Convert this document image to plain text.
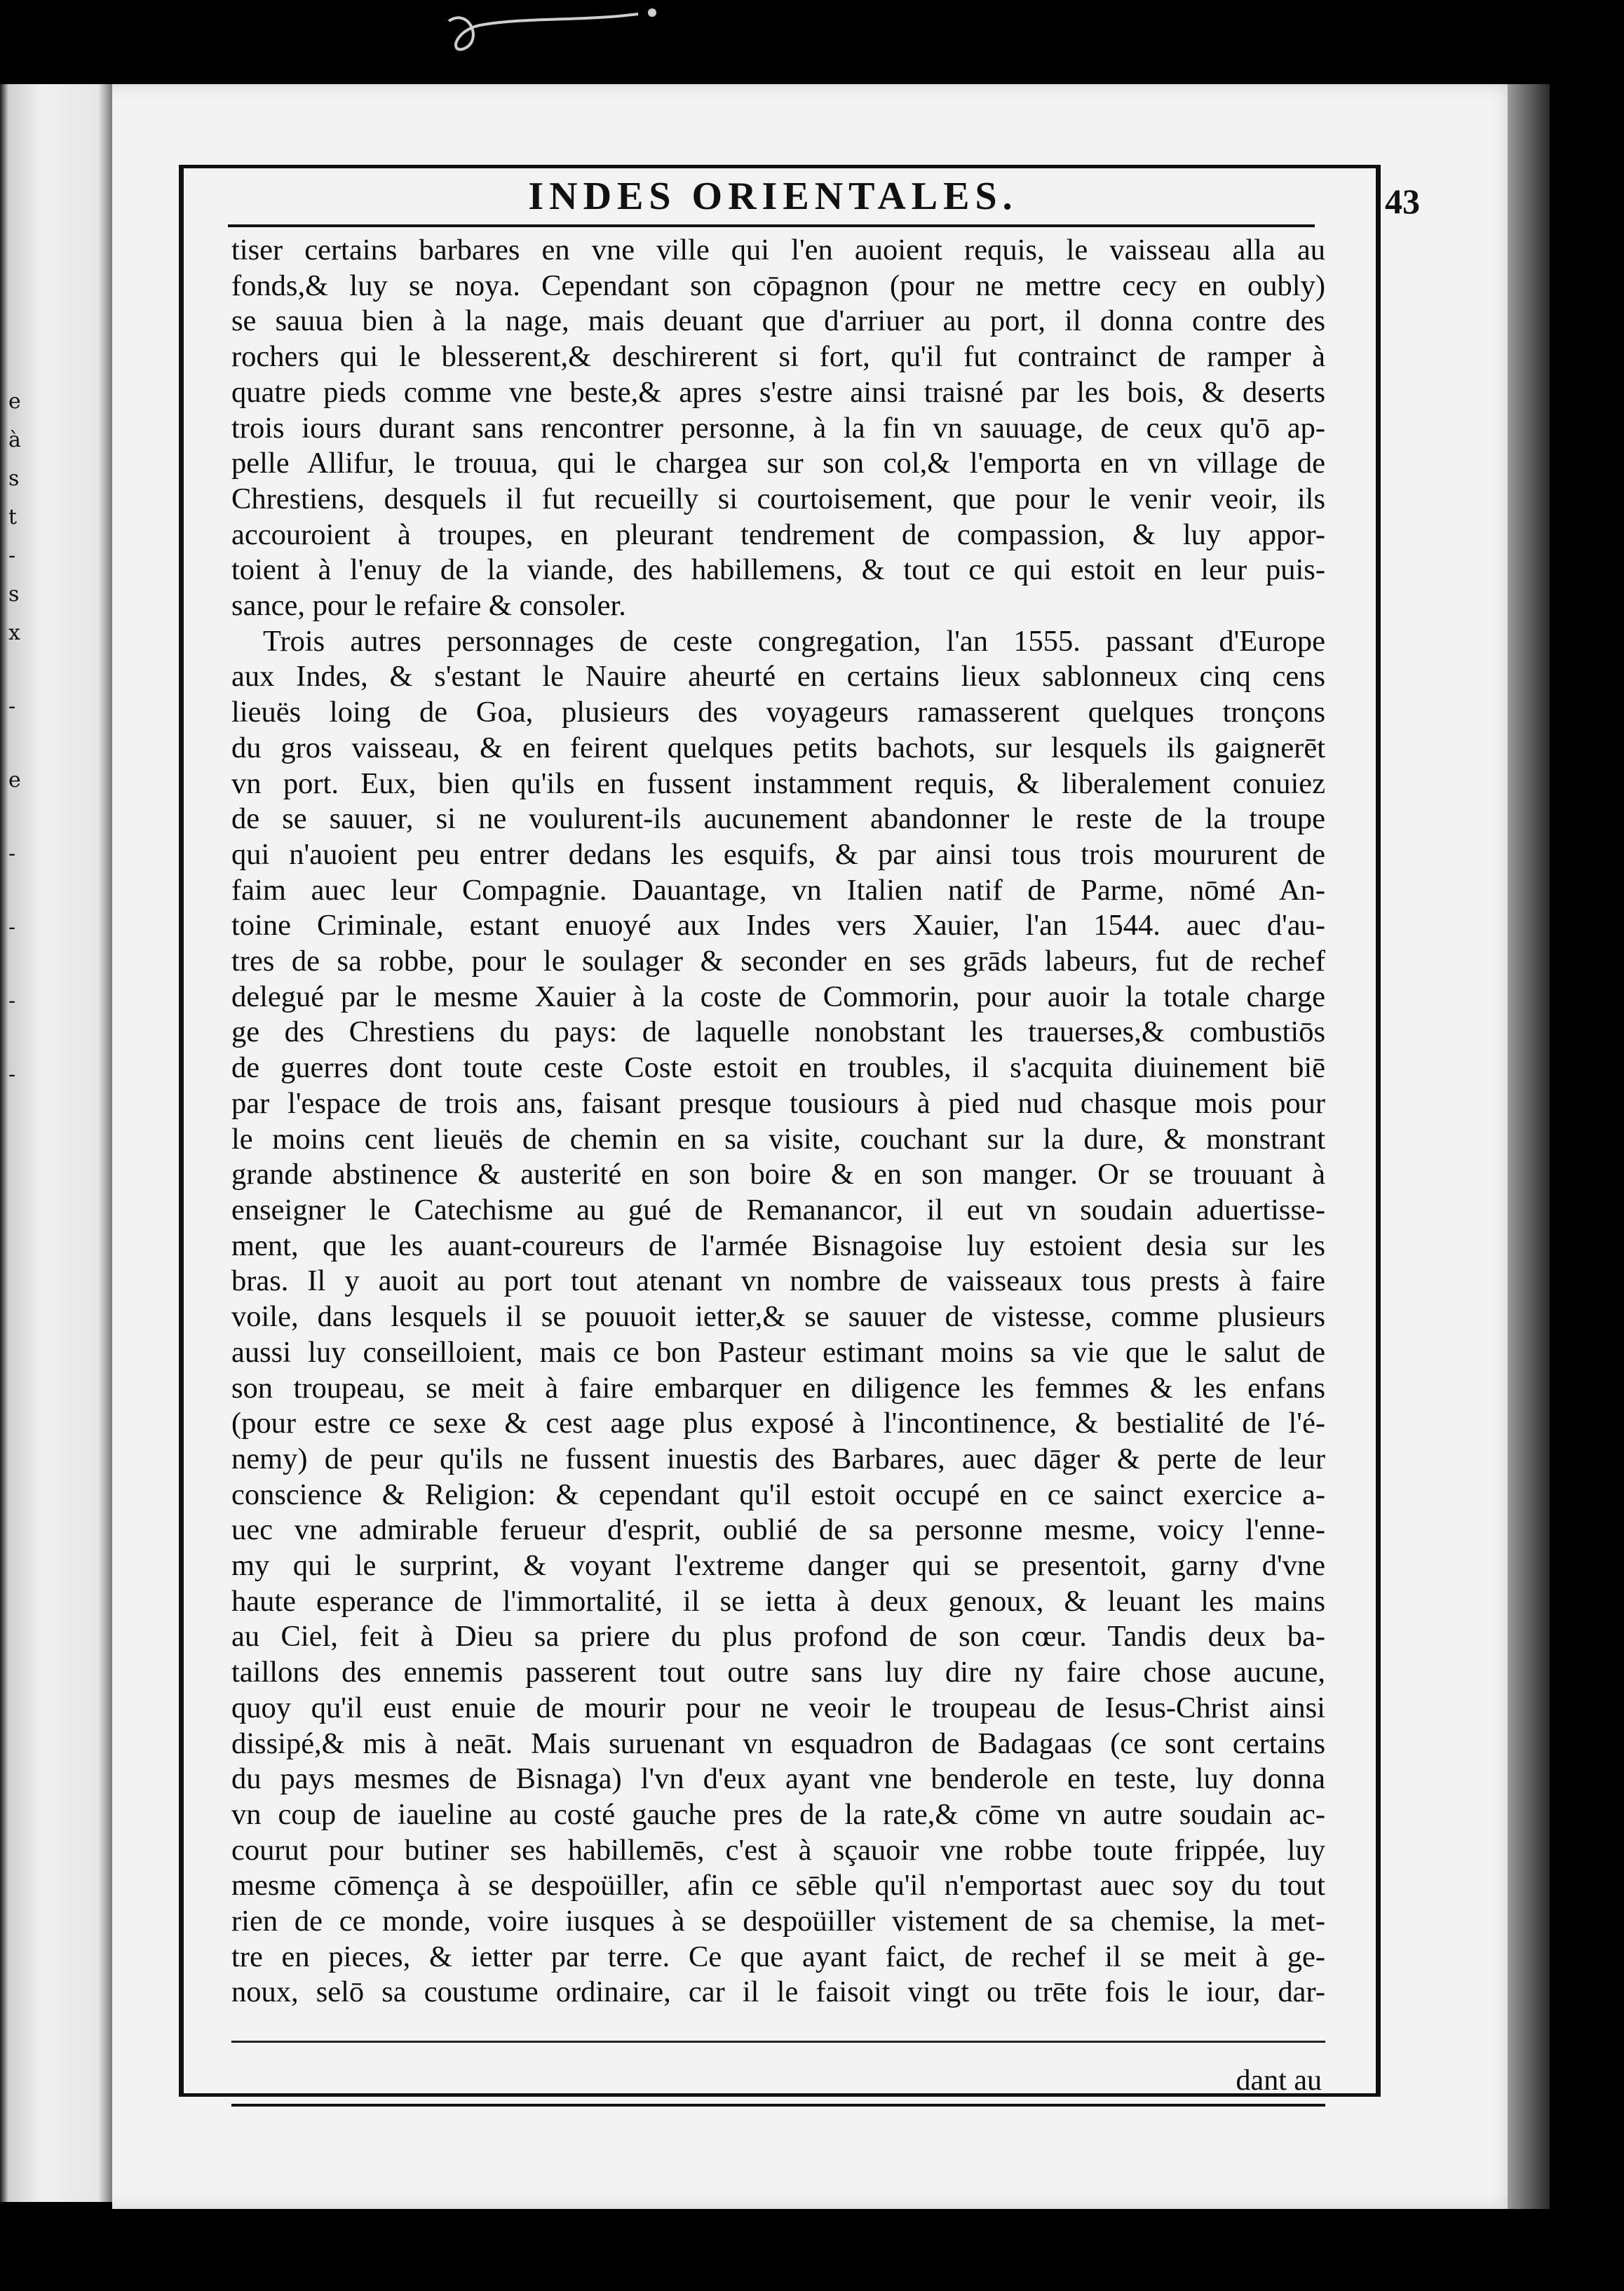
e
à
s
t
-
s
x
-
e
-
-
-
-
INDES ORIENTALES.	43
tiser certains barbares en vne ville qui l'en auoient requis, le vaisseau alla au
fonds,& luy se noya. Cependant son cōpagnon (pour ne mettre cecy en oubly)
se sauua bien à la nage, mais deuant que d'arriuer au port, il donna contre des
rochers qui le blesserent,& deschirerent si fort, qu'il fut contrainct de ramper à
quatre pieds comme vne beste,& apres s'estre ainsi traisné par les bois, & deserts
trois iours durant sans rencontrer personne, à la fin vn sauuage, de ceux qu'ō ap-
pelle Allifur, le trouua, qui le chargea sur son col,& l'emporta en vn village de
Chrestiens, desquels il fut recueilly si courtoisement, que pour le venir veoir, ils
accouroient à troupes, en pleurant tendrement de compassion, & luy appor-
toient à l'enuy de la viande, des habillemens, & tout ce qui estoit en leur puis-
sance, pour le refaire & consoler.
Trois autres personnages de ceste congregation, l'an 1555. passant d'Europe
aux Indes, & s'estant le Nauire aheurté en certains lieux sablonneux cinq cens
lieuës loing de Goa, plusieurs des voyageurs ramasserent quelques tronçons
du gros vaisseau, & en feirent quelques petits bachots, sur lesquels ils gaignerēt
vn port. Eux, bien qu'ils en fussent instamment requis, & liberalement conuiez
de se sauuer, si ne voulurent-ils aucunement abandonner le reste de la troupe
qui n'auoient peu entrer dedans les esquifs, & par ainsi tous trois moururent de
faim auec leur Compagnie. Dauantage, vn Italien natif de Parme, nōmé An-
toine Criminale, estant enuoyé aux Indes vers Xauier, l'an 1544. auec d'au-
tres de sa robbe, pour le soulager & seconder en ses grāds labeurs, fut de rechef
delegué par le mesme Xauier à la coste de Commorin, pour auoir la totale charge
ge des Chrestiens du pays: de laquelle nonobstant les trauerses,& combustiōs
de guerres dont toute ceste Coste estoit en troubles, il s'acquita diuinement biē
par l'espace de trois ans, faisant presque tousiours à pied nud chasque mois pour
le moins cent lieuës de chemin en sa visite, couchant sur la dure, & monstrant
grande abstinence & austerité en son boire & en son manger. Or se trouuant à
enseigner le Catechisme au gué de Remanancor, il eut vn soudain aduertisse-
ment, que les auant-coureurs de l'armée Bisnagoise luy estoient desia sur les
bras. Il y auoit au port tout atenant vn nombre de vaisseaux tous prests à faire
voile, dans lesquels il se pouuoit ietter,& se sauuer de vistesse, comme plusieurs
aussi luy conseilloient, mais ce bon Pasteur estimant moins sa vie que le salut de
son troupeau, se meit à faire embarquer en diligence les femmes & les enfans
(pour estre ce sexe & cest aage plus exposé à l'incontinence, & bestialité de l'é-
nemy) de peur qu'ils ne fussent inuestis des Barbares, auec dāger & perte de leur
conscience & Religion: & cependant qu'il estoit occupé en ce sainct exercice a-
uec vne admirable ferueur d'esprit, oublié de sa personne mesme, voicy l'enne-
my qui le surprint, & voyant l'extreme danger qui se presentoit, garny d'vne
haute esperance de l'immortalité, il se ietta à deux genoux, & leuant les mains
au Ciel, feit à Dieu sa priere du plus profond de son cœur. Tandis deux ba-
taillons des ennemis passerent tout outre sans luy dire ny faire chose aucune,
quoy qu'il eust enuie de mourir pour ne veoir le troupeau de Iesus-Christ ainsi
dissipé,& mis à neāt. Mais suruenant vn esquadron de Badagaas (ce sont certains
du pays mesmes de Bisnaga) l'vn d'eux ayant vne benderole en teste, luy donna
vn coup de iaueline au costé gauche pres de la rate,& cōme vn autre soudain ac-
courut pour butiner ses habillemēs, c'est à sçauoir vne robbe toute frippée, luy
mesme cōmença à se despoüiller, afin ce sēble qu'il n'emportast auec soy du tout
rien de ce monde, voire iusques à se despoüiller vistement de sa chemise, la met-
tre en pieces, & ietter par terre. Ce que ayant faict, de rechef il se meit à ge-
noux, selō sa coustume ordinaire, car il le faisoit vingt ou trēte fois le iour, dar-
dant au
